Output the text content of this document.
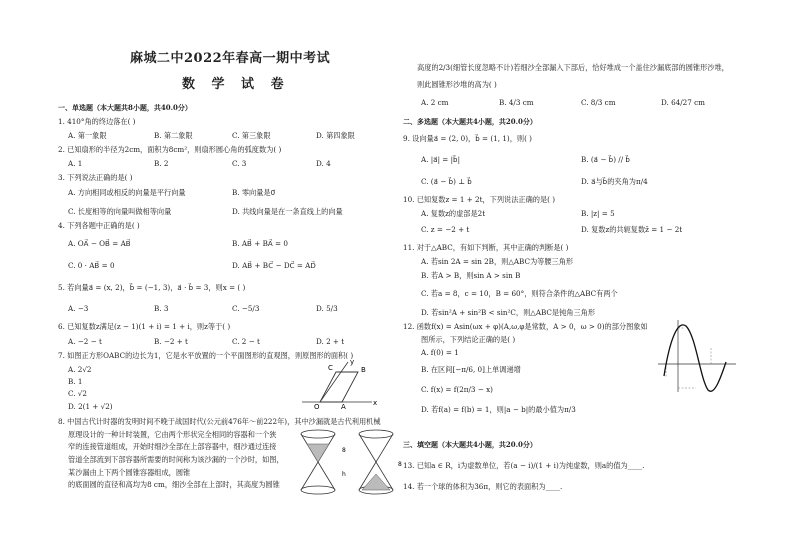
麻城二中2022年春高一期中考试
数 学 试 卷
一、单选题（本大题共8小题，共40.0分）
1. 410°角的终边落在( )
A. 第一象限	B. 第二象限	C. 第三象限	D. 第四象限
2. 已知扇形的半径为2cm，面积为8cm²，则扇形圆心角的弧度数为( )
A. 1	B. 2	C. 3	D. 4
3. 下列说法正确的是( )
A. 方向相同或相反的向量是平行向量	B. 零向量是0⃗
C. 长度相等的向量叫做相等向量	D. 共线向量是在一条直线上的向量
4. 下列各题中正确的是( )
A. OA⃗ − OB⃗ = AB⃗	B. AB⃗ + BA⃗ = 0
C. 0 · AB⃗ = 0	D. AB⃗ + BC⃗ − DC⃗ = AD⃗
5. 若向量a⃗ = (x, 2)，b⃗ = (−1, 3)，a⃗ · b⃗ = 3，则x = ( )
A. −3	B. 3	C. −5/3	D. 5/3
6. 已知复数z满足(z − 1)(1 + i) = 1 + i，则z等于( )
A. −2 − t	B. −2 + t	C. 2 − t	D. 2 + t
7. 如图正方形OABC的边长为1，它是水平放置的一个平面图形的直观图，则原图形的面积( )
A. 2√2
B. 1
C. √2
D. 2(1 + √2)
8. 中国古代计时器的发明时间不晚于战国时代(公元前476年～前222年)，其中沙漏就是古代利用机械
原理设计的一种计时装置，它由两个形状完全相同的容器和一个狭
窄的连接管道组成，开始时细沙全部在上部容器中，细沙通过连接
管道全部流到下部容器所需要的时间称为该沙漏的一个沙时，如图，
某沙漏由上下两个圆锥容器组成，圆锥
的底面圆的直径和高均为8 cm，细沙全部在上部时，其高度为圆锥
C	B
O	A
y
x
8
h
8
高度的2/3(细管长度忽略不计)若细沙全部漏入下部后，恰好堆成一个盖住沙漏底部的圆锥形沙堆，
则此圆锥形沙堆的高为( )
A. 2 cm	B. 4/3 cm	C. 8/3 cm	D. 64/27 cm
二、多选题（本大题共4小题，共20.0分）
9. 设向量a⃗ = (2, 0)，b⃗ = (1, 1)，则( )
A. |a⃗| = |b⃗|	B. (a⃗ − b⃗) // b⃗
C. (a⃗ − b⃗) ⊥ b⃗	D. a⃗与b⃗的夹角为π/4
10. 已知复数z = 1 + 2t，下列说法正确的是( )
A. 复数z的虚部是2t	B. |z| = 5
C. z = −2 + t	D. 复数z的共轭复数z̄ = 1 − 2t
11. 对于△ABC，有如下判断，其中正确的判断是( )
A. 若sin 2A = sin 2B，则△ABC为等腰三角形
B. 若A > B，则sin A > sin B
C. 若a = 8，c = 10，B = 60°，则符合条件的△ABC有两个
D. 若sin²A + sin²B < sin²C，则△ABC是钝角三角形
12. 函数f(x) = Asin(ωx + φ)(A,ω,φ是常数，A > 0，ω > 0)的部分图象如
图所示，下列结论正确的是( )
A. f(0) = 1
B. 在区间[−π/6, 0]上单调递增
C. f(x) = f(2π/3 − x)
D. 若f(a) = f(b) = 1，则|a − b|的最小值为π/3
三、填空题（本大题共4小题，共20.0分）
13. 已知a ∈ R，i为虚数单位，若(a − i)/(1 + i)为纯虚数，则a的值为____.
14. 若一个球的体积为36π，则它的表面积为____.
